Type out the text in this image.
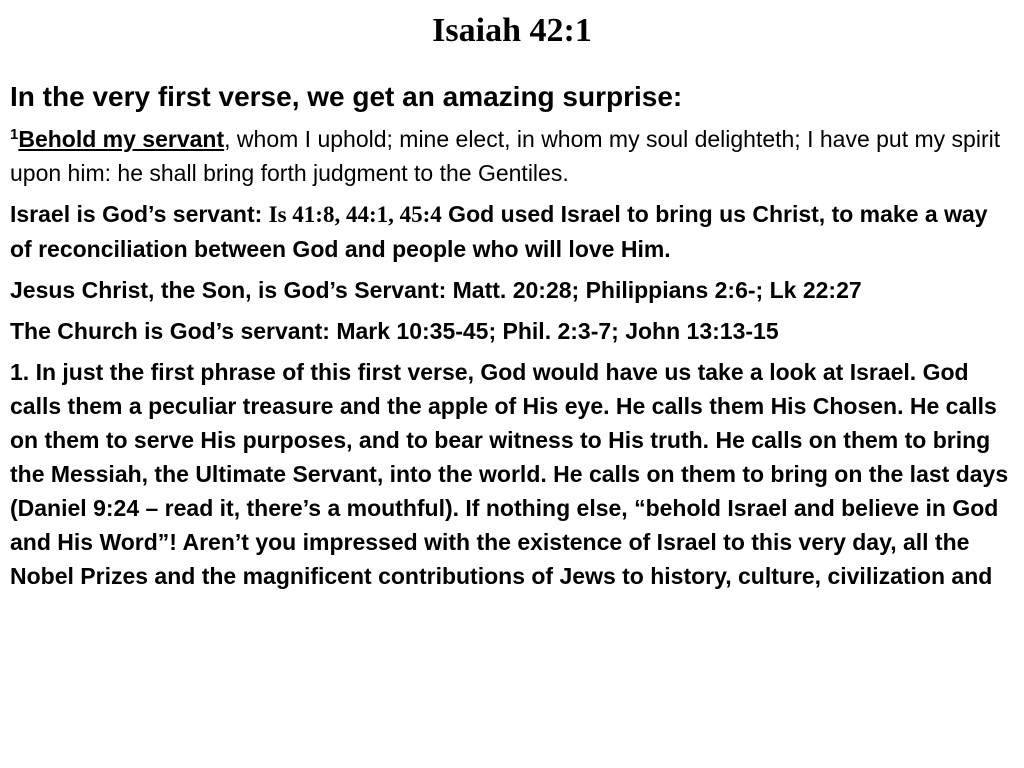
Isaiah 42:1

In the very first verse, we get an amazing surprise:

$^1$Behold my servant, whom I uphold; mine elect, in whom my soul delighteth; I have put my spirit upon him: he shall bring forth judgment to the Gentiles.

Israel is God’s servant: Is 41:8, 44:1, 45:4 God used Israel to bring us Christ, to make a way of reconciliation between God and people who will love Him.

Jesus Christ, the Son, is God’s Servant: Matt. 20:28; Philippians 2:6-; Lk 22:27

The Church is God’s servant: Mark 10:35-45; Phil. 2:3-7; John 13:13-15

1. In just the first phrase of this first verse, God would have us take a look at Israel. God calls them a peculiar treasure and the apple of His eye. He calls them His Chosen. He calls on them to serve His purposes, and to bear witness to His truth. He calls on them to bring the Messiah, the Ultimate Servant, into the world. He calls on them to bring on the last days (Daniel 9:24 – read it, there’s a mouthful). If nothing else, “behold Israel and believe in God and His Word”! Aren’t you impressed with the existence of Israel to this very day, all the Nobel Prizes and the magnificent contributions of Jews to history, culture, civilization and
